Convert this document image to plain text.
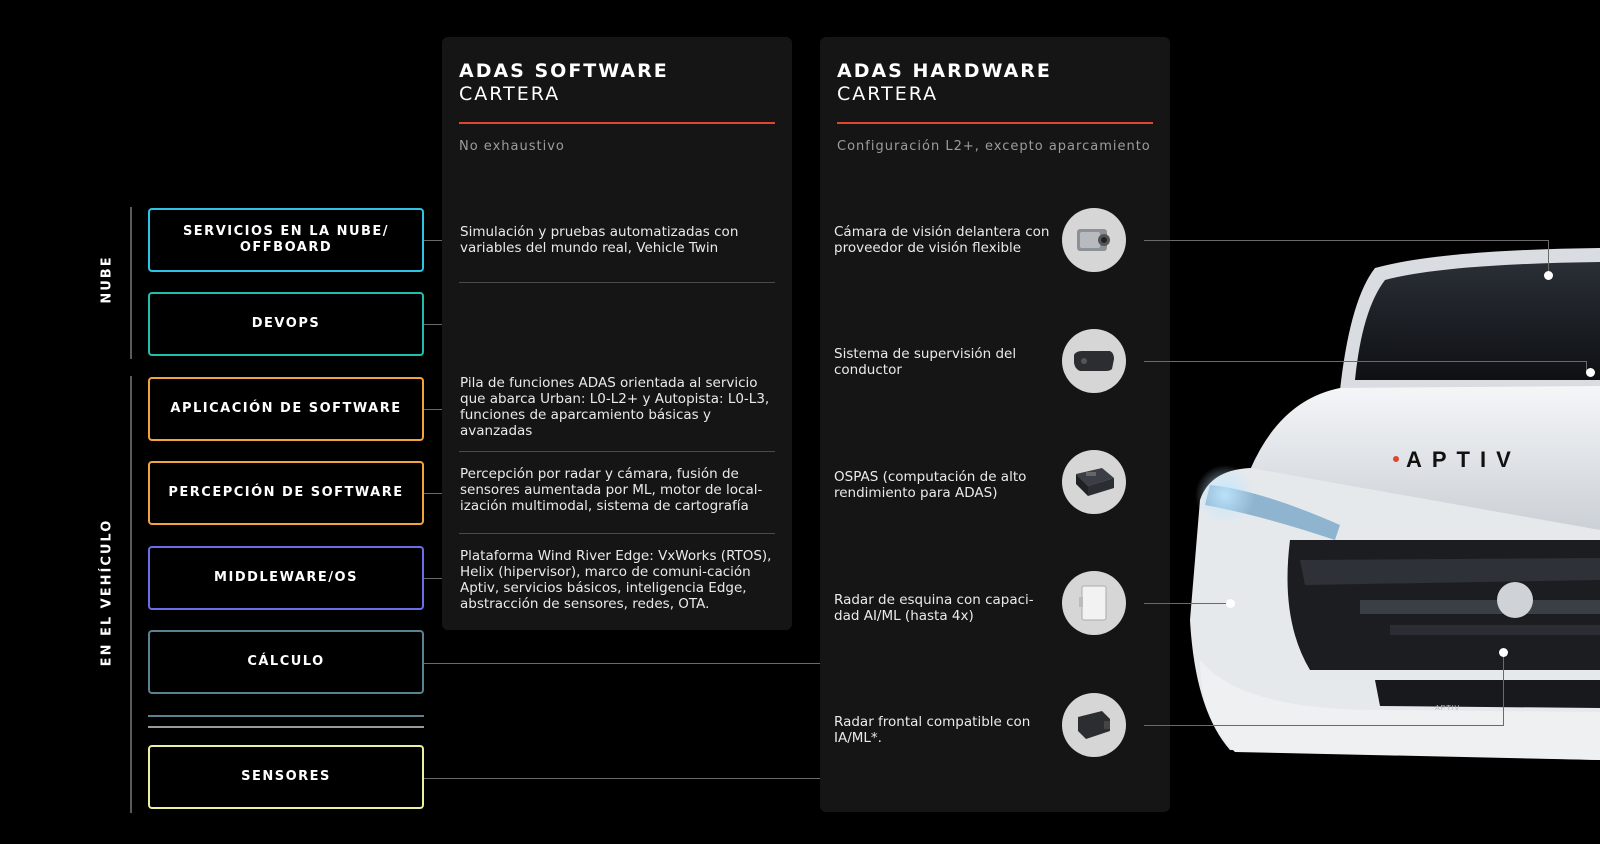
NUBE
EN EL VEHÍCULO
SERVICIOS EN LA NUBE/ OFFBOARD
DEVOPS
APLICACIÓN DE SOFTWARE
PERCEPCIÓN DE SOFTWARE
MIDDLEWARE/OS
CÁLCULO
SENSORES
ADAS SOFTWARE
CARTERA
No exhaustivo
Simulación y pruebas automatizadas con variables del mundo real, Vehicle Twin
Pila de funciones ADAS orientada al servicio que abarca Urban: L0-L2+ y Autopista: L0-L3, funciones de aparcamiento básicas y avanzadas
Percepción por radar y cámara, fusión de sensores aumentada por ML, motor de local-ización multimodal, sistema de cartografía
Plataforma Wind River Edge: VxWorks (RTOS), Helix (hipervisor), marco de comuni-cación Aptiv, servicios básicos, inteligencia Edge, abstracción de sensores, redes, OTA.
APTIV
APTIV
ADAS HARDWARE
CARTERA
Configuración L2+, excepto aparcamiento
Cámara de visión delantera con proveedor de visión flexible
Sistema de supervisión del conductor
OSPAS (computación de alto rendimiento para ADAS)
Radar de esquina con capaci-dad AI/ML (hasta 4x)
Radar frontal compatible con IA/ML*.
